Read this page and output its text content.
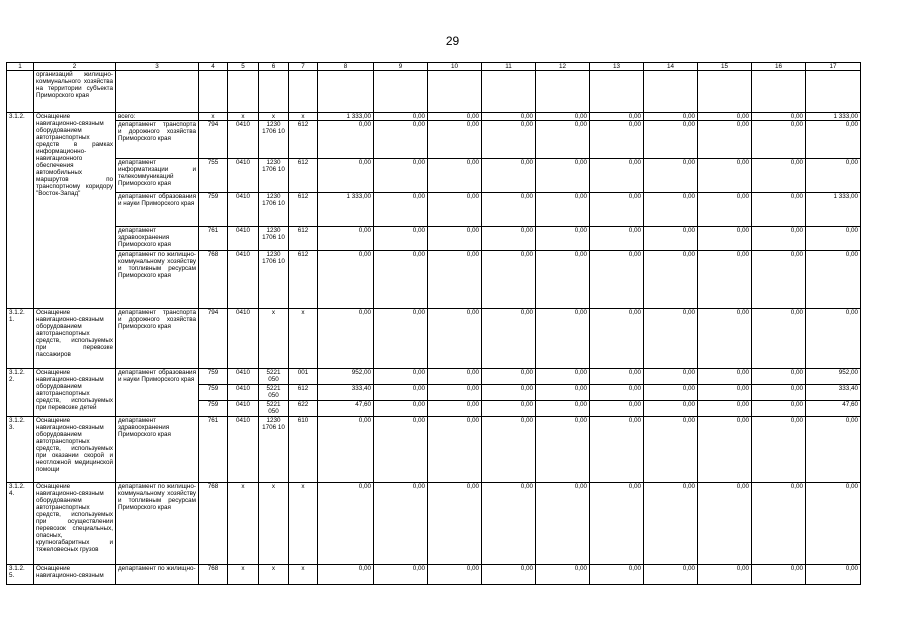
29
1	2	3	4	5	6	7	8	9	10	11	12	13	14	15	16	17
	организаций жилищно-коммунального хозяйства на территории субъекта Приморского края															
3.1.2.	Оснащение навигационно-связным оборудованием автотранспортных средств в рамках информационно-навигационного обеспечения автомобильных маршрутов по транспортному коридору "Восток-Запад"	всего:	х	х	х	х	1 333,00	0,00	0,00	0,00	0,00	0,00	0,00	0,00	0,00	1 333,00
		департамент транспорта и дорожного хозяйства Приморского края	794	0410	1230 1706 10	612	0,00	0,00	0,00	0,00	0,00	0,00	0,00	0,00	0,00	0,00
		департамент информатизации и телекоммуникаций Приморского края	755	0410	1230 1706 10	612	0,00	0,00	0,00	0,00	0,00	0,00	0,00	0,00	0,00	0,00
		департамент образования и науки Приморского края	759	0410	1230 1706 10	612	1 333,00	0,00	0,00	0,00	0,00	0,00	0,00	0,00	0,00	1 333,00
		департамент здравоохранения Приморского края	761	0410	1230 1706 10	612	0,00	0,00	0,00	0,00	0,00	0,00	0,00	0,00	0,00	0,00
		департамент по жилищно-коммунальному хозяйству и топливным ресурсам Приморского края	768	0410	1230 1706 10	612	0,00	0,00	0,00	0,00	0,00	0,00	0,00	0,00	0,00	0,00
3.1.2. 1.	Оснащение навигационно-связным оборудованием автотранспортных средств, используемых при перевозке пассажиров	департамент транспорта и дорожного хозяйства Приморского края	794	0410	х	х	0,00	0,00	0,00	0,00	0,00	0,00	0,00	0,00	0,00	0,00
3.1.2. 2.	Оснащение навигационно-связным оборудованием автотранспортных средств, используемых при перевозке детей	департамент образования и науки Приморского края	759	0410	5221 050	001	952,00	0,00	0,00	0,00	0,00	0,00	0,00	0,00	0,00	952,00
			759	0410	5221 050	612	333,40	0,00	0,00	0,00	0,00	0,00	0,00	0,00	0,00	333,40
			759	0410	5221 050	622	47,60	0,00	0,00	0,00	0,00	0,00	0,00	0,00	0,00	47,60
3.1.2. 3.	Оснащение навигационно-связным оборудованием автотранспортных средств, используемых при оказании скорой и неотложной медицинской помощи	департамент здравоохранения Приморского края	761	0410	1230 1706 10	610	0,00	0,00	0,00	0,00	0,00	0,00	0,00	0,00	0,00	0,00
3.1.2. 4.	Оснащение навигационно-связным оборудованием автотранспортных средств, используемых при осуществлении перевозок специальных, опасных, крупногабаритных и тяжеловесных грузов	департамент по жилищно-коммунальному хозяйству и топливным ресурсам Приморского края	768	х	х	х	0,00	0,00	0,00	0,00	0,00	0,00	0,00	0,00	0,00	0,00
3.1.2. 5.	Оснащение навигационно-связным	департамент по жилищно-	768	х	х	х	0,00	0,00	0,00	0,00	0,00	0,00	0,00	0,00	0,00	0,00
